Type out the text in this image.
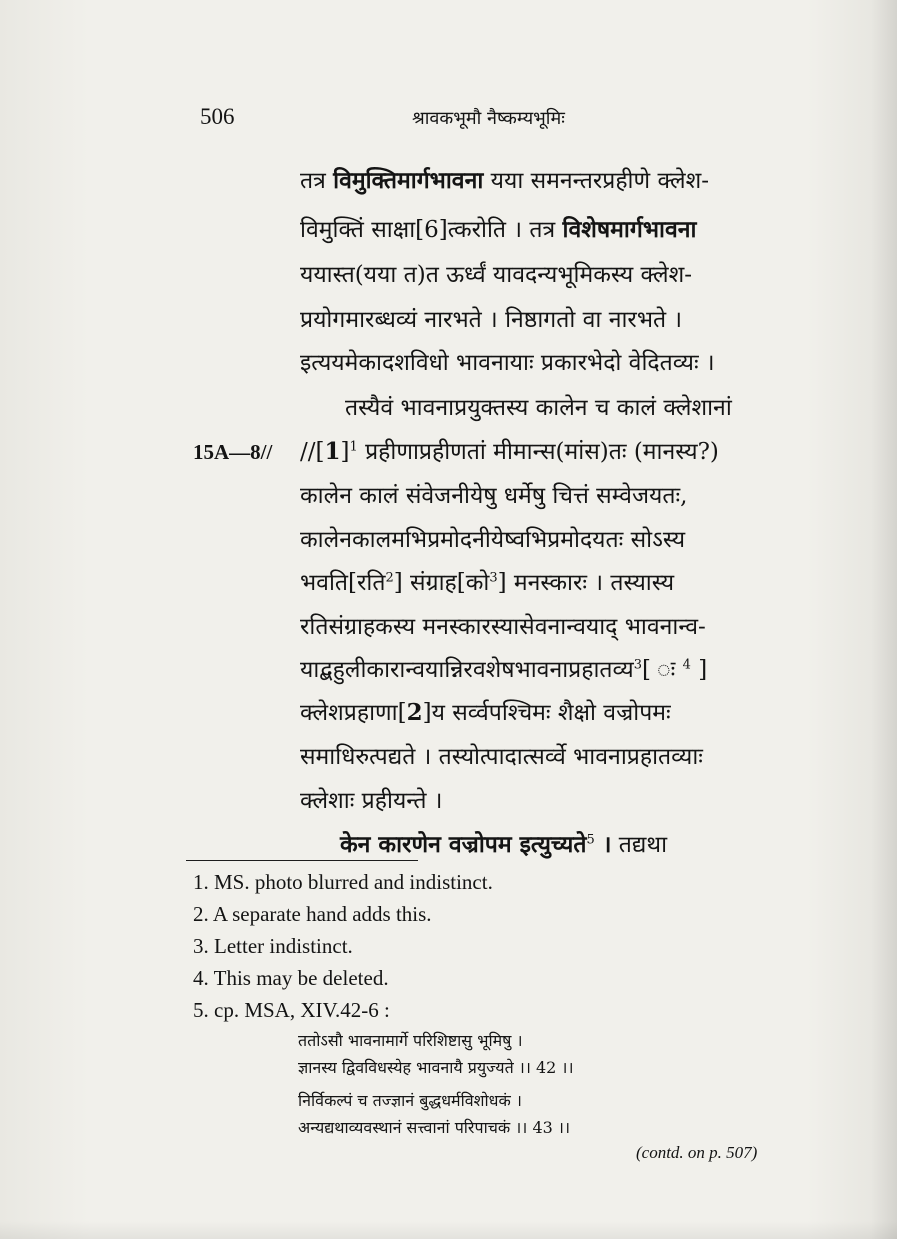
506	श्रावकभूमौ नैष्कम्यभूमिः
तत्र विमुक्तिमार्गभावना यया समनन्तरप्रहीणे क्लेश-
विमुक्तिं साक्षा[6]त्करोति । तत्र विशेषमार्गभावना
ययास्त(यया त)त ऊर्ध्वं यावदन्यभूमिकस्य क्लेश-
प्रयोगमारब्धव्यं नारभते । निष्ठागतो वा नारभते ।
इत्ययमेकादशविधो भावनायाः प्रकारभेदो वेदितव्यः ।
तस्यैवं भावनाप्रयुक्तस्य कालेन च कालं क्लेशानां
15A—8// $//[1]^1$ प्रहीणाप्रहीणतां मीमान्स(मांस)तः (मानस्य?)
कालेन कालं संवेजनीयेषु धर्मेषु चित्तं सम्वेजयतः,
कालेनकालमभिप्रमोदनीयेष्वभिप्रमोदयतः सोऽस्य
भवति[रति$^2$] संग्राह[को$^3$] मनस्कारः । तस्यास्य
रतिसंग्राहकस्य मनस्कारस्यासेवनान्वयाद् भावनान्व-
याद्बहुलीकारान्वयान्निरवशेषभावनाप्रहातव्य$^3$[ ः $^4$ ]
क्लेशप्रहाणा[2]य सर्व्वपश्चिमः शैक्षो वज्रोपमः
समाधिरुत्पद्यते । तस्योत्पादात्सर्व्वे भावनाप्रहातव्याः
क्लेशाः प्रहीयन्ते ।
केन कारणेन वज्रोपम इत्युच्यते$^5$ । तद्यथा
1. MS. photo blurred and indistinct.
2. A separate hand adds this.
3. Letter indistinct.
4. This may be deleted.
5. cp. MSA, XIV.42-6 :
ततोऽसौ भावनामार्गे परिशिष्टासु भूमिषु ।
ज्ञानस्य द्विवविधस्येह भावनायै प्रयुज्यते ।। 42 ।।
निर्विकल्पं च तज्ज्ञानं बुद्धधर्मविशोधकं ।
अन्यद्यथाव्यवस्थानं सत्त्वानां परिपाचकं ।। 43 ।।
(contd. on p. 507)
